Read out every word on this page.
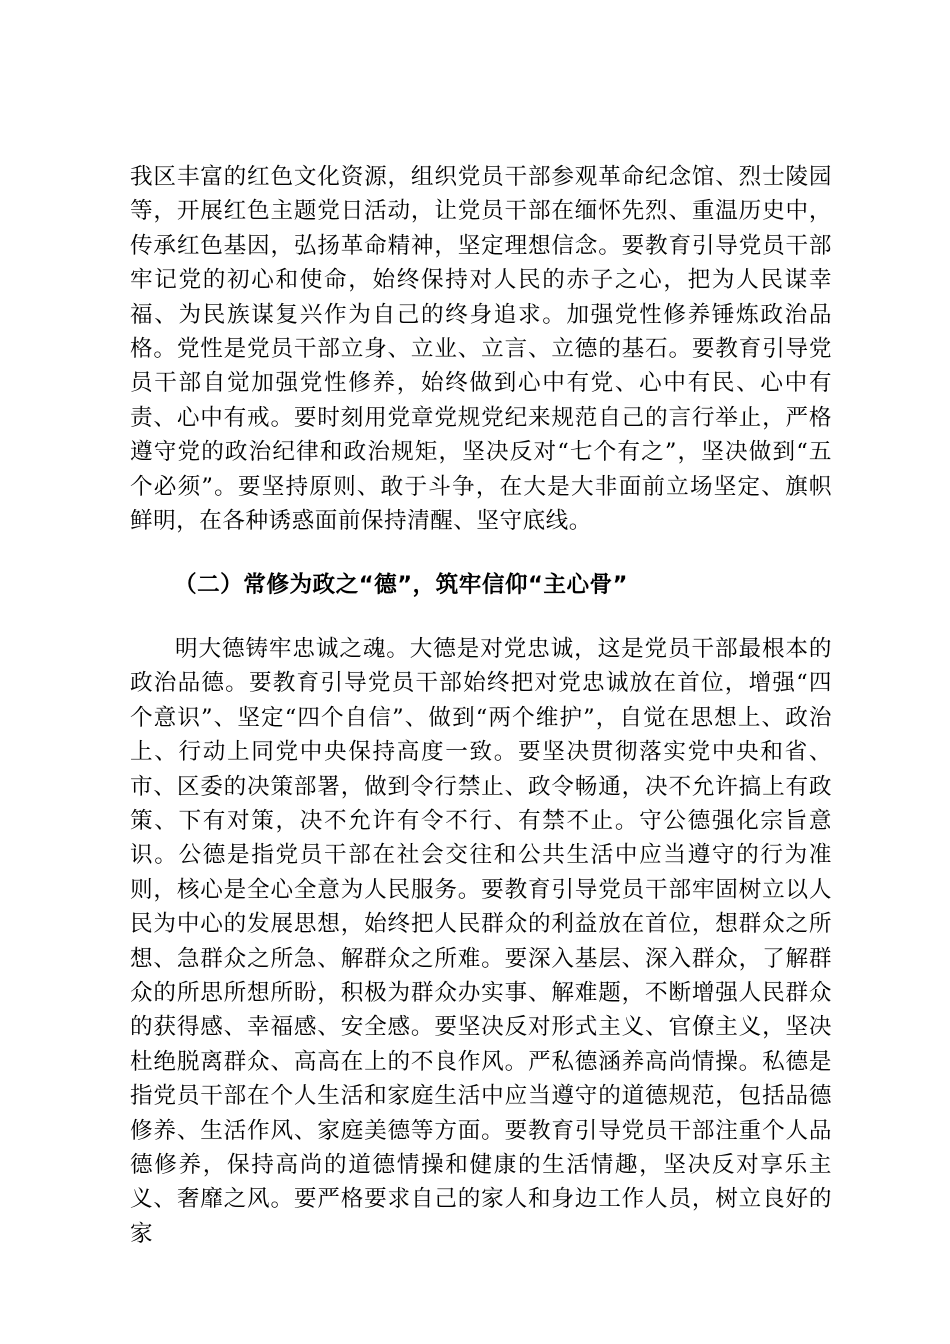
我区丰富的红色文化资源，组织党员干部参观革命纪念馆、烈士陵园等，开展红色主题党日活动，让党员干部在缅怀先烈、重温历史中，传承红色基因，弘扬革命精神，坚定理想信念。要教育引导党员干部牢记党的初心和使命，始终保持对人民的赤子之心，把为人民谋幸福、为民族谋复兴作为自己的终身追求。加强党性修养锤炼政治品格。党性是党员干部立身、立业、立言、立德的基石。要教育引导党员干部自觉加强党性修养，始终做到心中有党、心中有民、心中有责、心中有戒。要时刻用党章党规党纪来规范自己的言行举止，严格遵守党的政治纪律和政治规矩，坚决反对“七个有之”，坚决做到“五个必须”。要坚持原则、敢于斗争，在大是大非面前立场坚定、旗帜鲜明，在各种诱惑面前保持清醒、坚守底线。

（二）常修为政之“德”，筑牢信仰“主心骨”

明大德铸牢忠诚之魂。大德是对党忠诚，这是党员干部最根本的政治品德。要教育引导党员干部始终把对党忠诚放在首位，增强“四个意识”、坚定“四个自信”、做到“两个维护”，自觉在思想上、政治上、行动上同党中央保持高度一致。要坚决贯彻落实党中央和省、市、区委的决策部署，做到令行禁止、政令畅通，决不允许搞上有政策、下有对策，决不允许有令不行、有禁不止。守公德强化宗旨意识。公德是指党员干部在社会交往和公共生活中应当遵守的行为准则，核心是全心全意为人民服务。要教育引导党员干部牢固树立以人民为中心的发展思想，始终把人民群众的利益放在首位，想群众之所想、急群众之所急、解群众之所难。要深入基层、深入群众，了解群众的所思所想所盼，积极为群众办实事、解难题，不断增强人民群众的获得感、幸福感、安全感。要坚决反对形式主义、官僚主义，坚决杜绝脱离群众、高高在上的不良作风。严私德涵养高尚情操。私德是指党员干部在个人生活和家庭生活中应当遵守的道德规范，包括品德修养、生活作风、家庭美德等方面。要教育引导党员干部注重个人品德修养，保持高尚的道德情操和健康的生活情趣，坚决反对享乐主义、奢靡之风。要严格要求自己的家人和身边工作人员，树立良好的家
